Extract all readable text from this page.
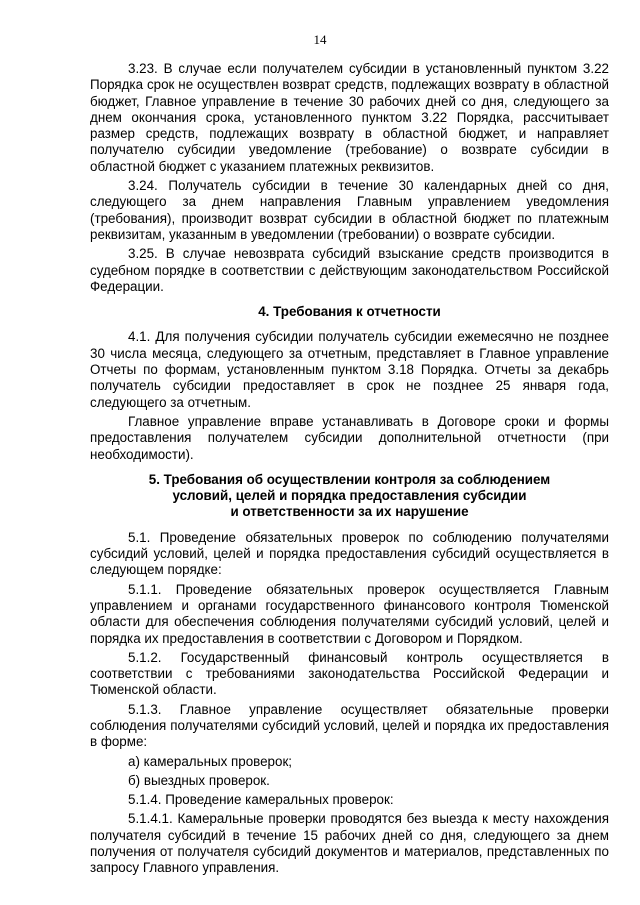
14

3.23. В случае если получателем субсидии в установленный пунктом 3.22 Порядка срок не осуществлен возврат средств, подлежащих возврату в областной бюджет, Главное управление в течение 30 рабочих дней со дня, следующего за днем окончания срока, установленного пунктом 3.22 Порядка, рассчитывает размер средств, подлежащих возврату в областной бюджет, и направляет получателю субсидии уведомление (требование) о возврате субсидии в областной бюджет с указанием платежных реквизитов.

3.24. Получатель субсидии в течение 30 календарных дней со дня, следующего за днем направления Главным управлением уведомления (требования), производит возврат субсидии в областной бюджет по платежным реквизитам, указанным в уведомлении (требовании) о возврате субсидии.

3.25. В случае невозврата субсидий взыскание средств производится в судебном порядке в соответствии с действующим законодательством Российской Федерации.

4. Требования к отчетности

4.1. Для получения субсидии получатель субсидии ежемесячно не позднее 30 числа месяца, следующего за отчетным, представляет в Главное управление Отчеты по формам, установленным пунктом 3.18 Порядка. Отчеты за декабрь получатель субсидии предоставляет в срок не позднее 25 января года, следующего за отчетным.

Главное управление вправе устанавливать в Договоре сроки и формы предоставления получателем субсидии дополнительной отчетности (при необходимости).

5. Требования об осуществлении контроля за соблюдением
условий, целей и порядка предоставления субсидии
и ответственности за их нарушение

5.1. Проведение обязательных проверок по соблюдению получателями субсидий условий, целей и порядка предоставления субсидий осуществляется в следующем порядке:

5.1.1. Проведение обязательных проверок осуществляется Главным управлением и органами государственного финансового контроля Тюменской области для обеспечения соблюдения получателями субсидий условий, целей и порядка их предоставления в соответствии с Договором и Порядком.

5.1.2. Государственный финансовый контроль осуществляется в соответствии с требованиями законодательства Российской Федерации и Тюменской области.

5.1.3. Главное управление осуществляет обязательные проверки соблюдения получателями субсидий условий, целей и порядка их предоставления в форме:

а) камеральных проверок;

б) выездных проверок.

5.1.4. Проведение камеральных проверок:

5.1.4.1. Камеральные проверки проводятся без выезда к месту нахождения получателя субсидий в течение 15 рабочих дней со дня, следующего за днем получения от получателя субсидий документов и материалов, представленных по запросу Главного управления.
